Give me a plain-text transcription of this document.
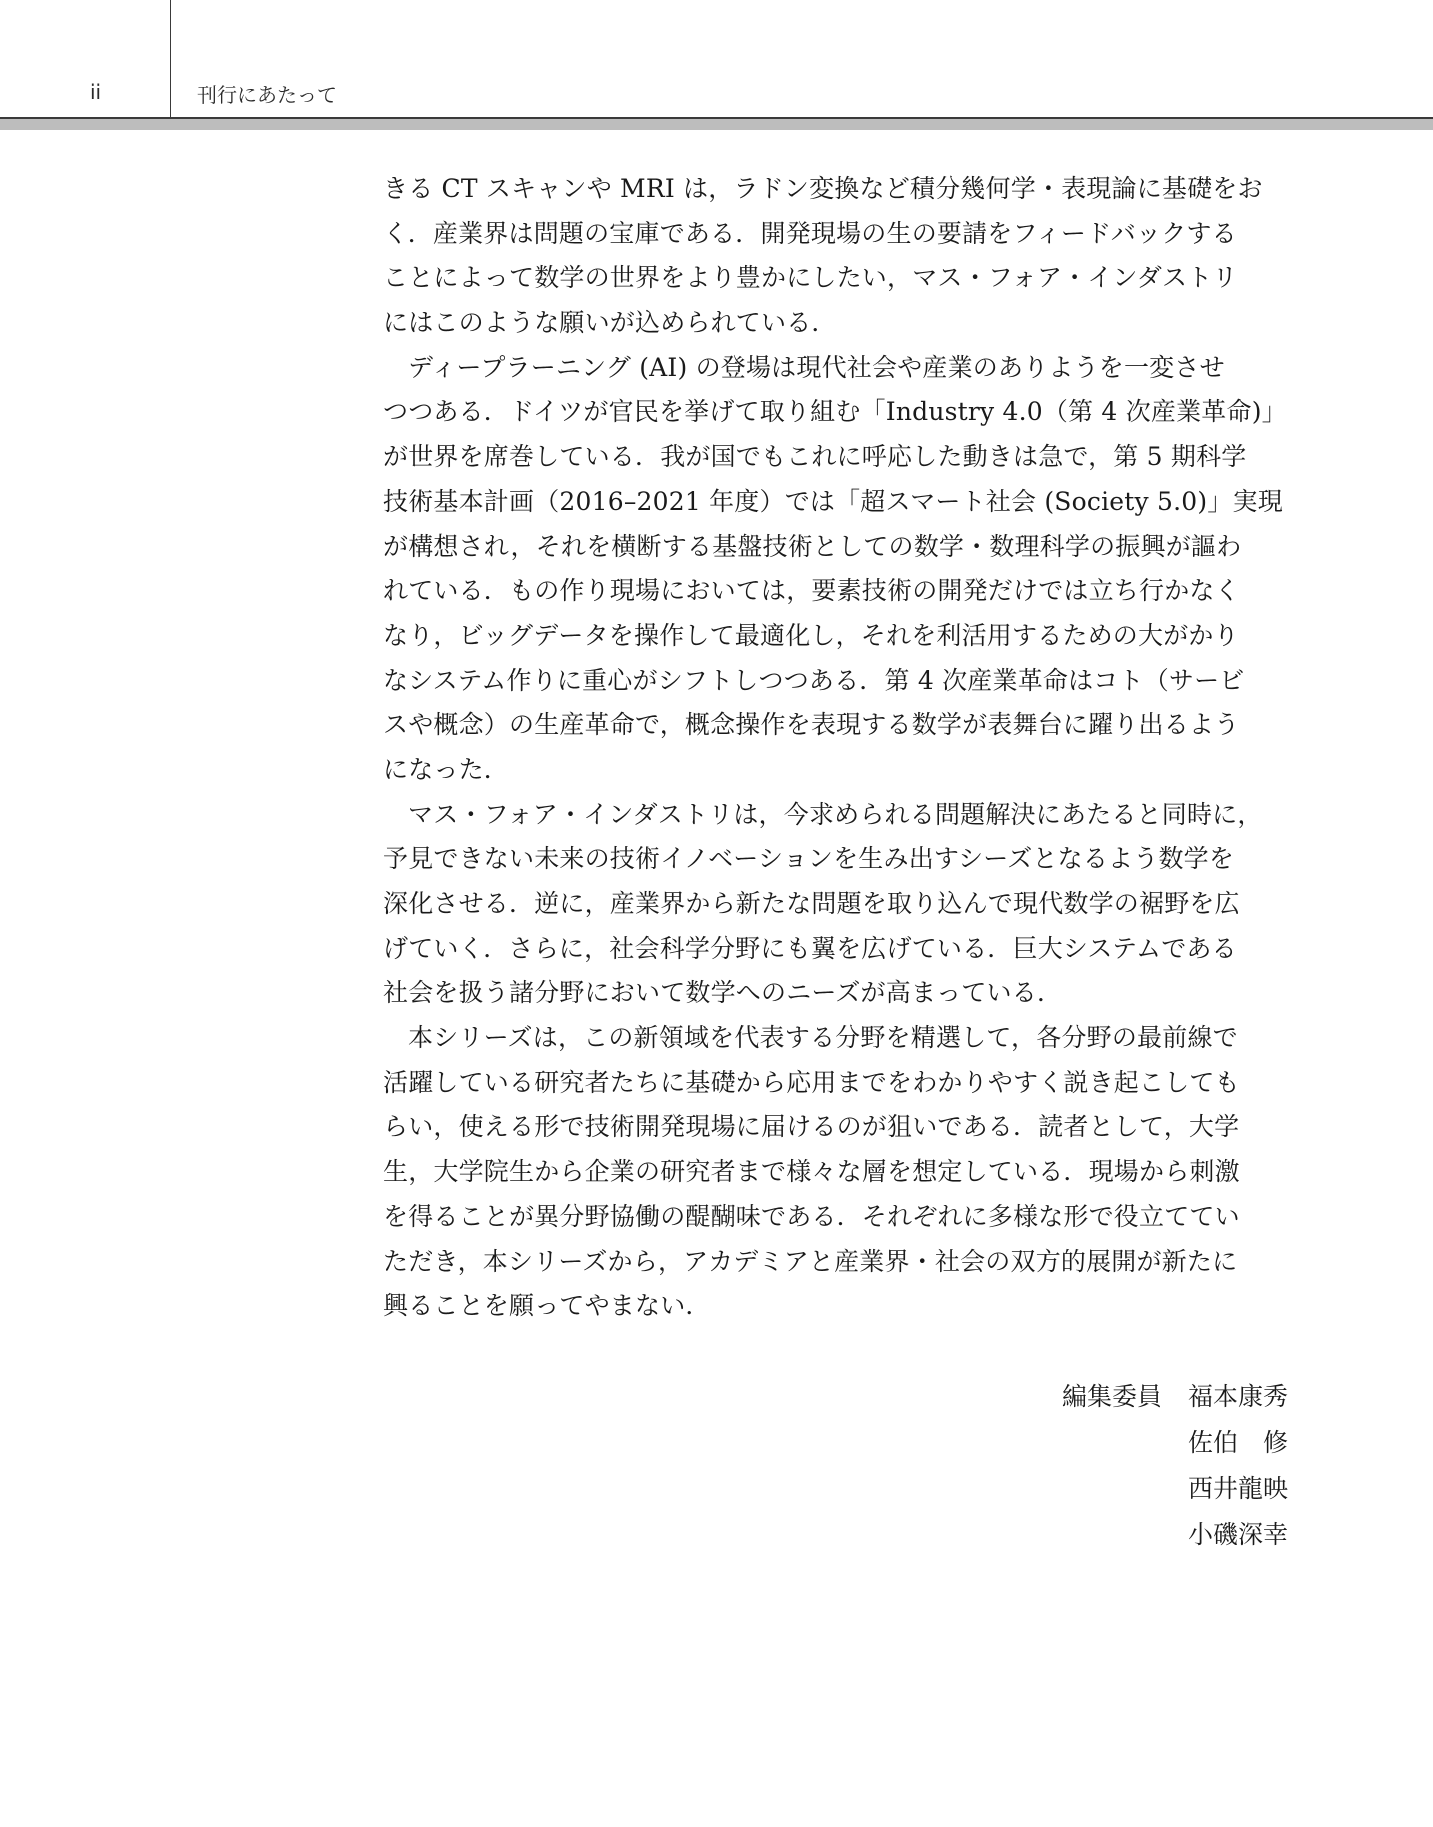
ii	刊行にあたって
きる CT スキャンや MRI は，ラドン変換など積分幾何学・表現論に基礎をお
く．産業界は問題の宝庫である．開発現場の生の要請をフィードバックする
ことによって数学の世界をより豊かにしたい，マス・フォア・インダストリ
にはこのような願いが込められている．
ディープラーニング (AI) の登場は現代社会や産業のありようを一変させ
つつある．ドイツが官民を挙げて取り組む「Industry 4.0（第 4 次産業革命)」
が世界を席巻している．我が国でもこれに呼応した動きは急で，第 5 期科学
技術基本計画（2016–2021 年度）では「超スマート社会 (Society 5.0)」実現
が構想され，それを横断する基盤技術としての数学・数理科学の振興が謳わ
れている．もの作り現場においては，要素技術の開発だけでは立ち行かなく
なり，ビッグデータを操作して最適化し，それを利活用するための大がかり
なシステム作りに重心がシフトしつつある．第 4 次産業革命はコト（サービ
スや概念）の生産革命で，概念操作を表現する数学が表舞台に躍り出るよう
になった．
マス・フォア・インダストリは，今求められる問題解決にあたると同時に，
予見できない未来の技術イノベーションを生み出すシーズとなるよう数学を
深化させる．逆に，産業界から新たな問題を取り込んで現代数学の裾野を広
げていく．さらに，社会科学分野にも翼を広げている．巨大システムである
社会を扱う諸分野において数学へのニーズが高まっている．
本シリーズは，この新領域を代表する分野を精選して，各分野の最前線で
活躍している研究者たちに基礎から応用までをわかりやすく説き起こしても
らい，使える形で技術開発現場に届けるのが狙いである．読者として，大学
生，大学院生から企業の研究者まで様々な層を想定している．現場から刺激
を得ることが異分野協働の醍醐味である．それぞれに多様な形で役立ててい
ただき，本シリーズから，アカデミアと産業界・社会の双方的展開が新たに
興ることを願ってやまない．
編集委員 福本康秀
佐伯　修
西井龍映
小磯深幸
